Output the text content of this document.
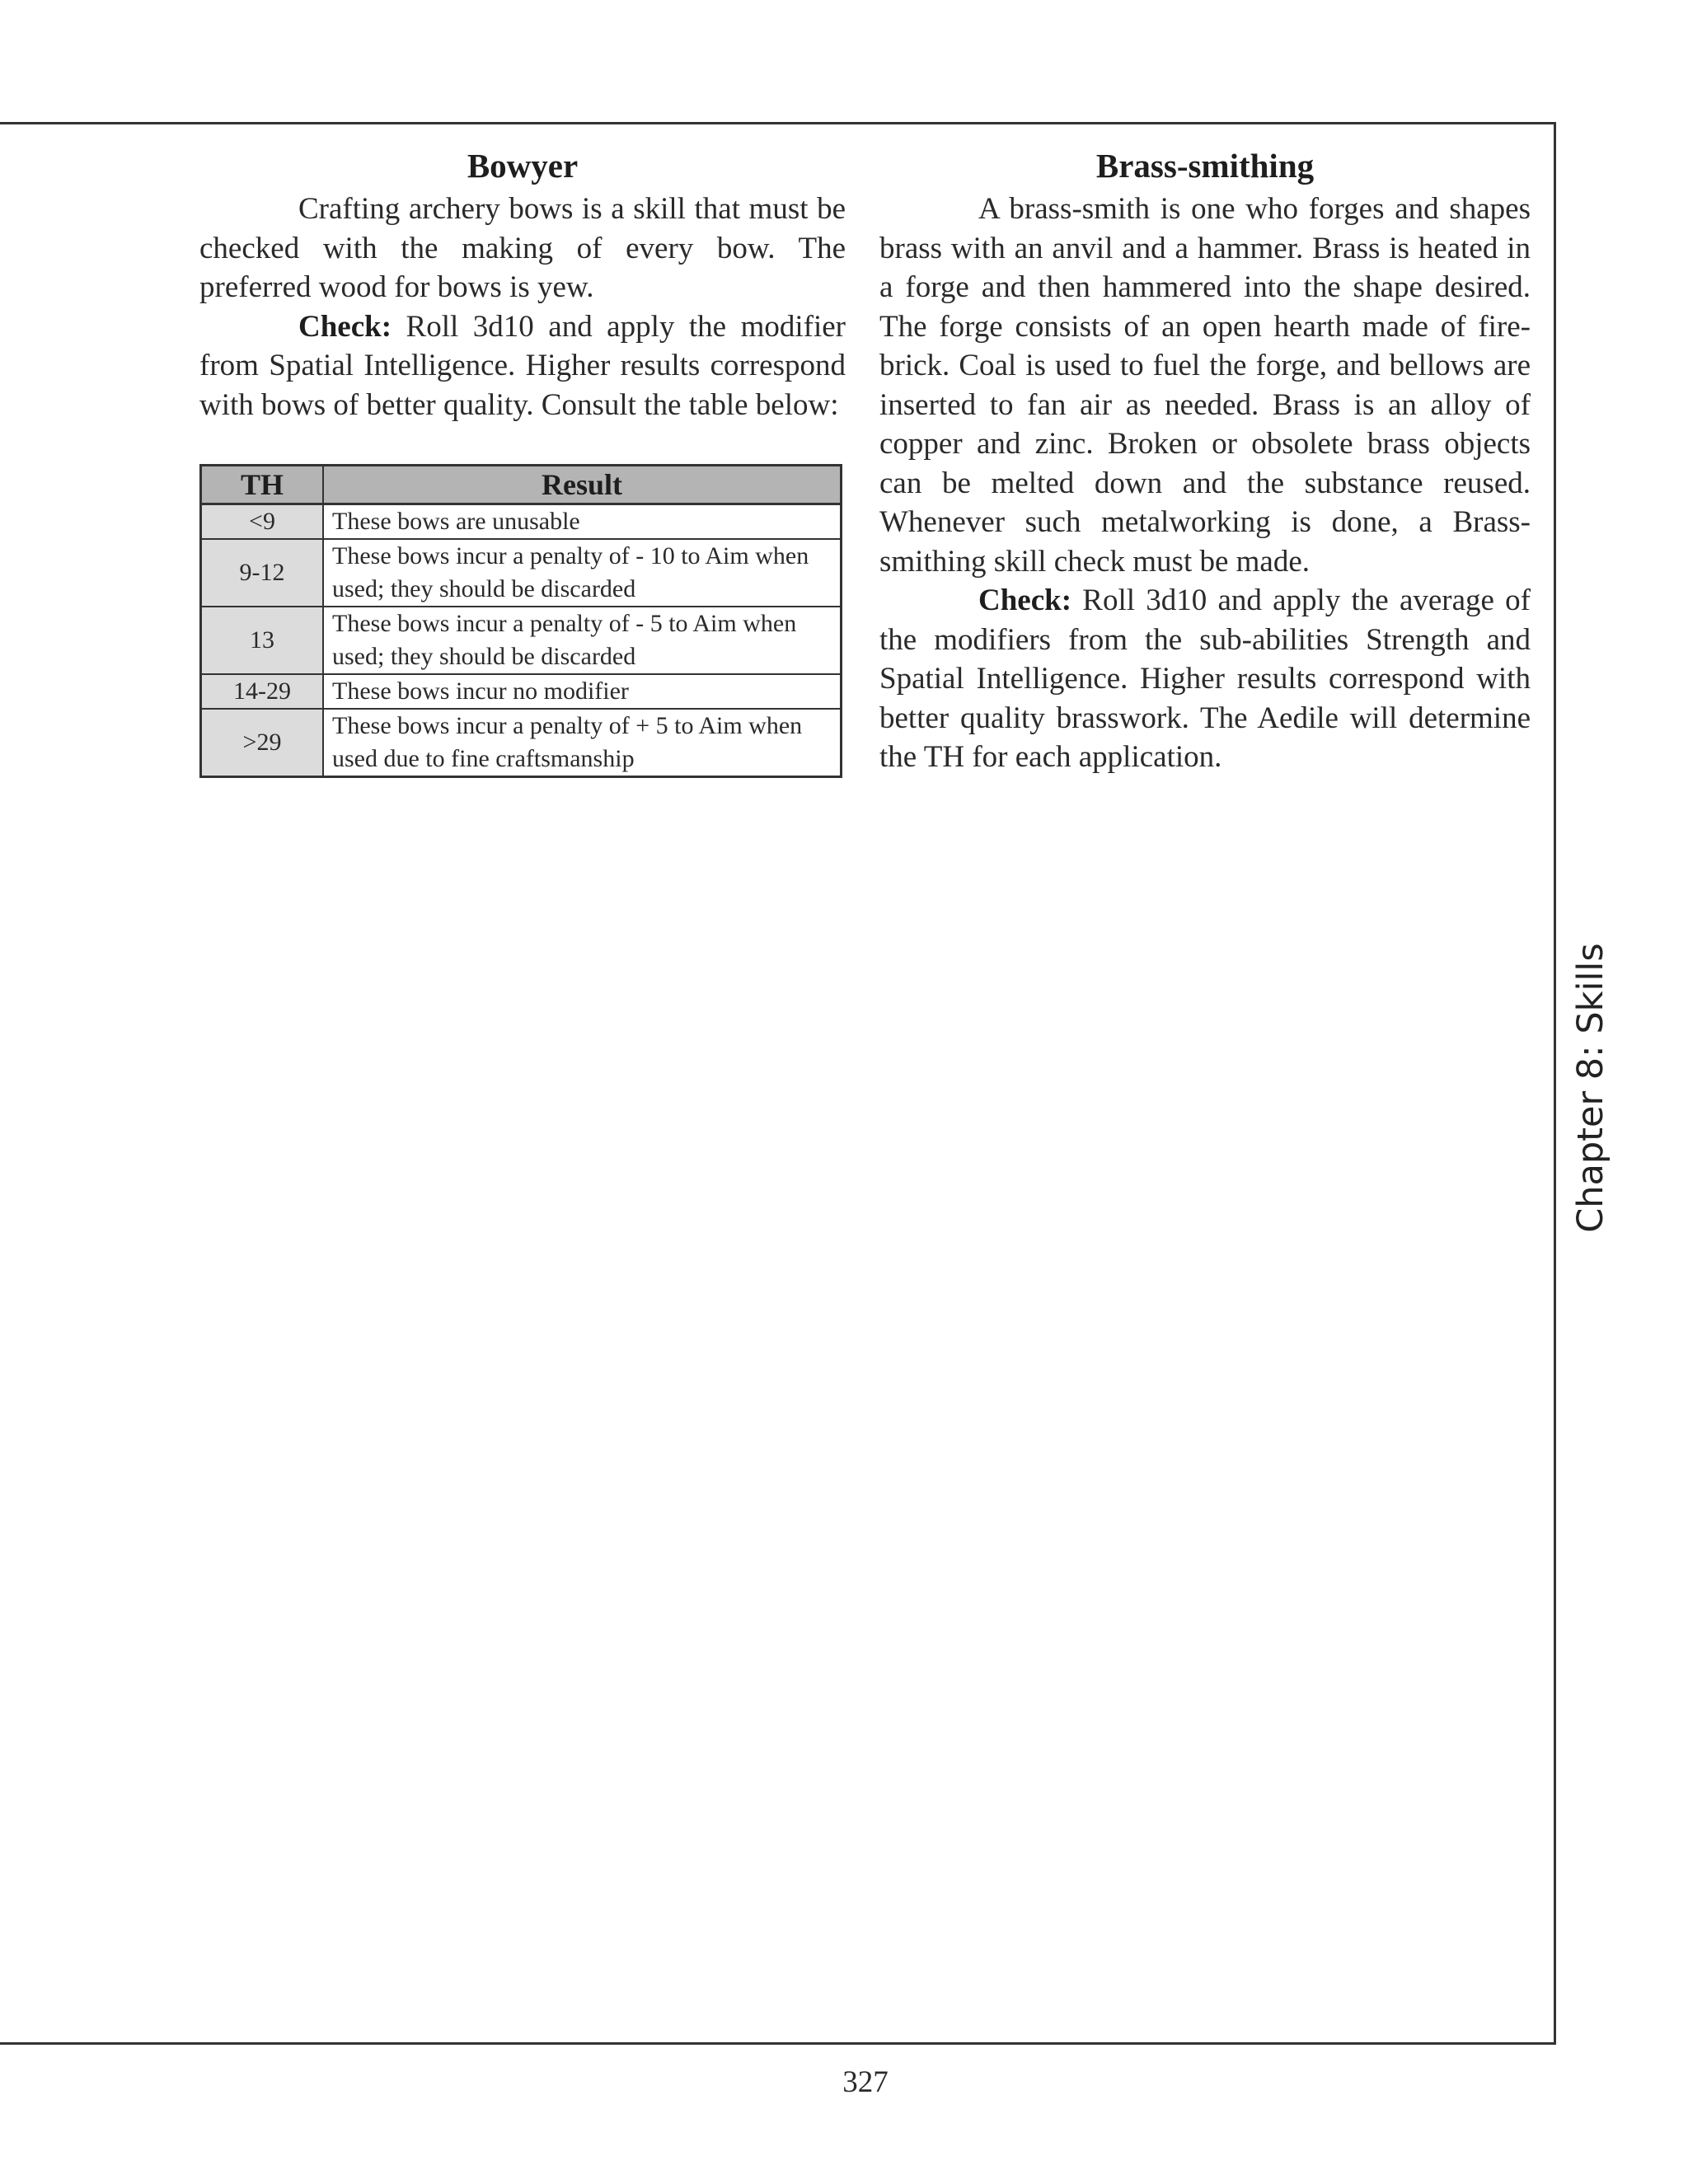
Bowyer

Crafting archery bows is a skill that must be checked with the making of every bow. The preferred wood for bows is yew.

Check: Roll 3d10 and apply the modifier from Spatial Intelligence. Higher results correspond with bows of better quality. Consult the table below:

TH	Result
<9	These bows are unusable
9-12	These bows incur a penalty of - 10 to Aim when used; they should be discarded
13	These bows incur a penalty of - 5 to Aim when used; they should be discarded
14-29	These bows incur no modifier
>29	These bows incur a penalty of + 5 to Aim when used due to fine craftsmanship
Brass-smithing

A brass-smith is one who forges and shapes brass with an anvil and a hammer. Brass is heated in a forge and then hammered into the shape desired. The forge consists of an open hearth made of fire-brick. Coal is used to fuel the forge, and bellows are inserted to fan air as needed. Brass is an alloy of copper and zinc. Broken or obsolete brass objects can be melted down and the substance reused. Whenever such metalworking is done, a Brass-smithing skill check must be made.

Check: Roll 3d10 and apply the average of the modifiers from the sub-abilities Strength and Spatial Intelligence. Higher results correspond with better quality brasswork. The Aedile will determine the TH for each application.

Chapter 8: Skills
327
